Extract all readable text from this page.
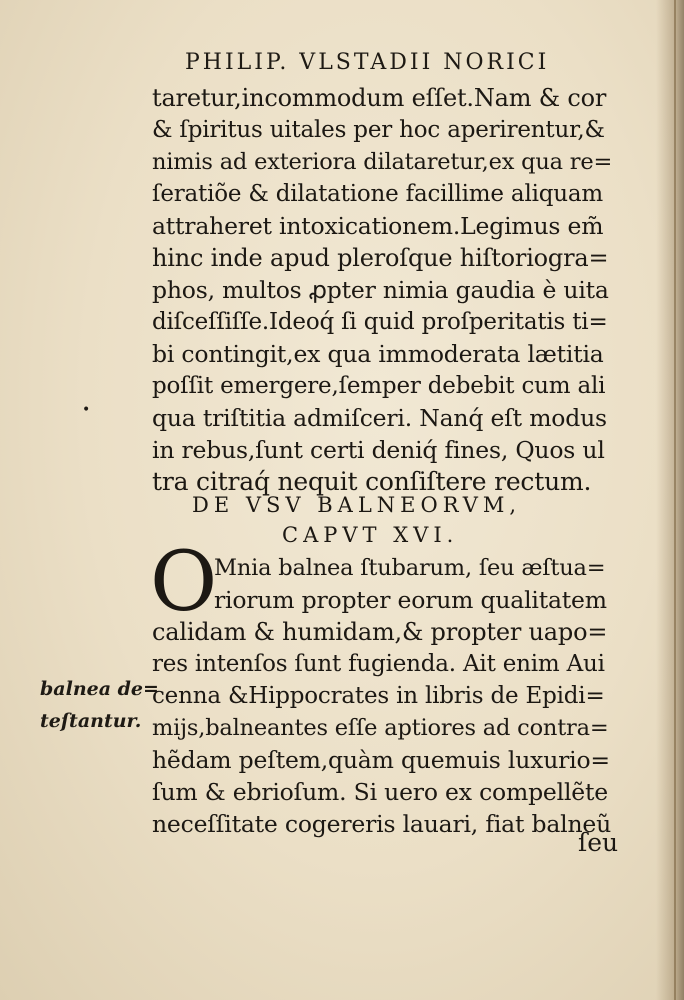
PHILIP. VLSTADII NORICI
taretur,incommodum eſſet.Nam & cor
& ſpiritus uitales per hoc aperirentur,&
nimis ad exteriora dilataretur,ex qua re=
ſeratiõe & dilatatione facillime aliquam
attraheret intoxicationem.Legimus em̃
hinc inde apud pleroſque hiſtoriogra=
phos, multos ꝓpter nimia gaudia è uita
diſceſſiſſe.Ideoq́ ſi quid proſperitatis ti=
bi contingit,ex qua immoderata lætitia
poſſit emergere,ſemper debebit cum ali
qua triſtitia admiſceri. Nanq́ eſt modus
in rebus,ſunt certi deniq́ fines, Quos ul
tra citraq́ nequit conſiſtere rectum.
DE VSV BALNEORVM,
CAPVT XVI.
O
Mnia balnea ſtubarum, ſeu æſtua=
riorum propter eorum qualitatem
calidam & humidam,& propter uapo=
res intenſos ſunt fugienda. Ait enim Aui
cenna &Hippocrates in libris de Epidi=
mijs,balneantes eſſe aptiores ad contra=
hẽdam peſtem,quàm quemuis luxurio=
ſum & ebrioſum. Si uero ex compellẽte
neceſſitate cogereris lauari, fiat balneũ
ſeu
balnea de=
teſtantur.
•
